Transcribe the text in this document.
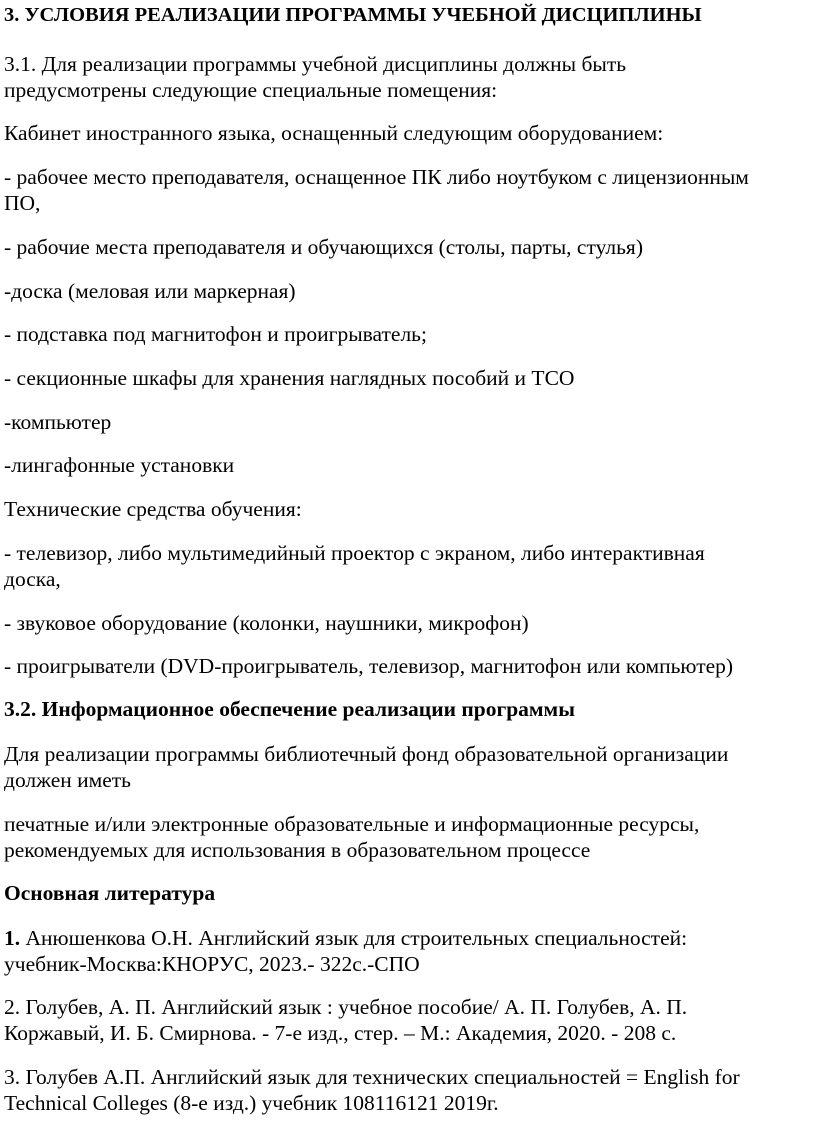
3. УСЛОВИЯ РЕАЛИЗАЦИИ ПРОГРАММЫ УЧЕБНОЙ ДИСЦИПЛИНЫ
3.1. Для реализации программы учебной дисциплины должны быть
предусмотрены следующие специальные помещения:
Кабинет иностранного языка, оснащенный следующим оборудованием:
- рабочее место преподавателя, оснащенное ПК либо ноутбуком с лицензионным
ПО,
- рабочие места преподавателя и обучающихся (столы, парты, стулья)
-доска (меловая или маркерная)
- подставка под магнитофон и проигрыватель;
- секционные шкафы для хранения наглядных пособий и ТСО
-компьютер
-лингафонные установки
Технические средства обучения:
- телевизор, либо мультимедийный проектор с экраном, либо интерактивная
доска,
- звуковое оборудование (колонки, наушники, микрофон)
- проигрыватели (DVD-проигрыватель, телевизор, магнитофон или компьютер)
3.2. Информационное обеспечение реализации программы
Для реализации программы библиотечный фонд образовательной организации
должен иметь
печатные и/или электронные образовательные и информационные ресурсы,
рекомендуемых для использования в образовательном процессе
Основная литература
1. Анюшенкова О.Н. Английский язык для строительных специальностей:
учебник-Москва:КНОРУС, 2023.- 322с.-СПО
2. Голубев, А. П. Английский язык : учебное пособие/ А. П. Голубев, А. П.
Коржавый, И. Б. Смирнова. - 7-е изд., стер. – М.: Академия, 2020. - 208 с.
3. Голубев А.П. Английский язык для технических специальностей = English for
Technical Colleges (8-е изд.) учебник 108116121 2019г.
